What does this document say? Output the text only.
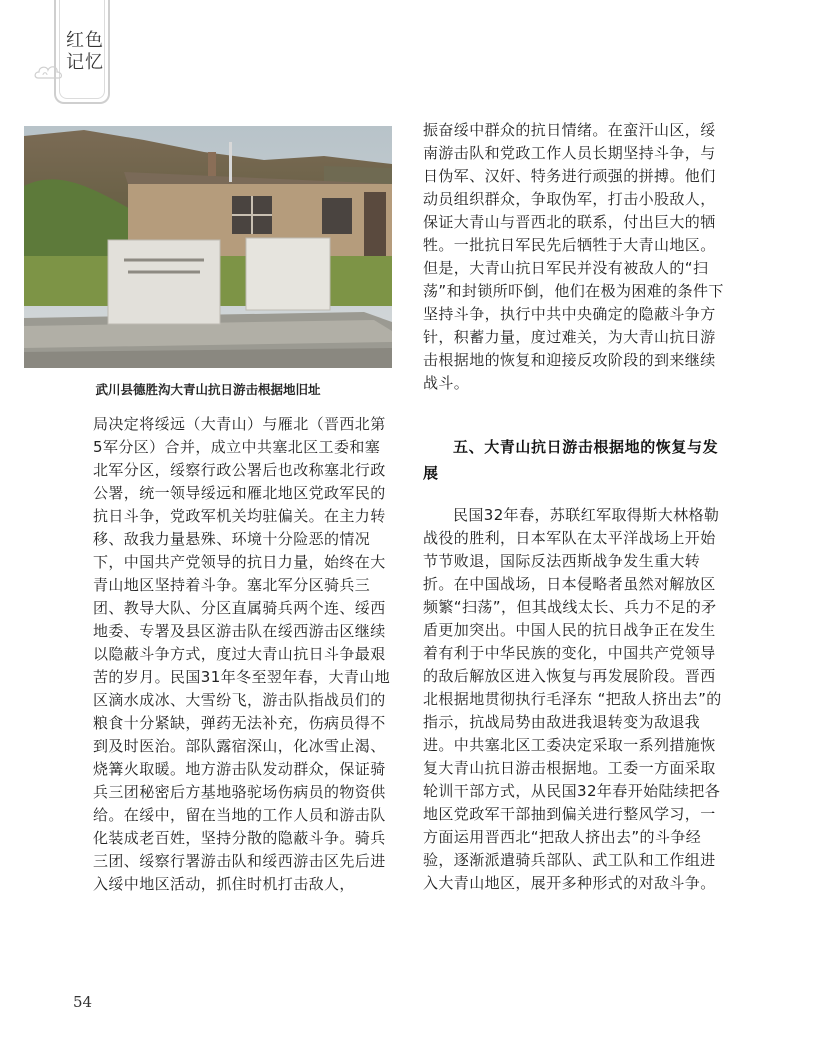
红色记忆
武川县德胜沟大青山抗日游击根据地旧址

局决定将绥远（大青山）与雁北（晋西北第5军分区）合并，成立中共塞北区工委和塞北军分区，绥察行政公署后也改称塞北行政公署，统一领导绥远和雁北地区党政军民的抗日斗争，党政军机关均驻偏关。在主力转移、敌我力量悬殊、环境十分险恶的情况下，中国共产党领导的抗日力量，始终在大青山地区坚持着斗争。塞北军分区骑兵三团、教导大队、分区直属骑兵两个连、绥西地委、专署及县区游击队在绥西游击区继续以隐蔽斗争方式，度过大青山抗日斗争最艰苦的岁月。民国31年冬至翌年春，大青山地区滴水成冰、大雪纷飞，游击队指战员们的粮食十分紧缺，弹药无法补充，伤病员得不到及时医治。部队露宿深山，化冰雪止渴、烧篝火取暖。地方游击队发动群众，保证骑兵三团秘密后方基地骆驼场伤病员的物资供给。在绥中，留在当地的工作人员和游击队化装成老百姓，坚持分散的隐蔽斗争。骑兵三团、绥察行署游击队和绥西游击区先后进入绥中地区活动，抓住时机打击敌人，

振奋绥中群众的抗日情绪。在蛮汗山区，绥南游击队和党政工作人员长期坚持斗争，与日伪军、汉奸、特务进行顽强的拼搏。他们动员组织群众，争取伪军，打击小股敌人，保证大青山与晋西北的联系，付出巨大的牺牲。一批抗日军民先后牺牲于大青山地区。但是，大青山抗日军民并没有被敌人的“扫荡”和封锁所吓倒，他们在极为困难的条件下坚持斗争，执行中共中央确定的隐蔽斗争方针，积蓄力量，度过难关，为大青山抗日游击根据地的恢复和迎接反攻阶段的到来继续战斗。

五、大青山抗日游击根据地的恢复与发展

民国32年春，苏联红军取得斯大林格勒战役的胜利，日本军队在太平洋战场上开始节节败退，国际反法西斯战争发生重大转折。在中国战场，日本侵略者虽然对解放区频繁“扫荡”，但其战线太长、兵力不足的矛盾更加突出。中国人民的抗日战争正在发生着有利于中华民族的变化，中国共产党领导的敌后解放区进入恢复与再发展阶段。晋西北根据地贯彻执行毛泽东 “把敌人挤出去”的指示，抗战局势由敌进我退转变为敌退我进。中共塞北区工委决定采取一系列措施恢复大青山抗日游击根据地。工委一方面采取轮训干部方式，从民国32年春开始陆续把各地区党政军干部抽到偏关进行整风学习，一方面运用晋西北“把敌人挤出去”的斗争经验，逐渐派遣骑兵部队、武工队和工作组进入大青山地区，展开多种形式的对敌斗争。

54
